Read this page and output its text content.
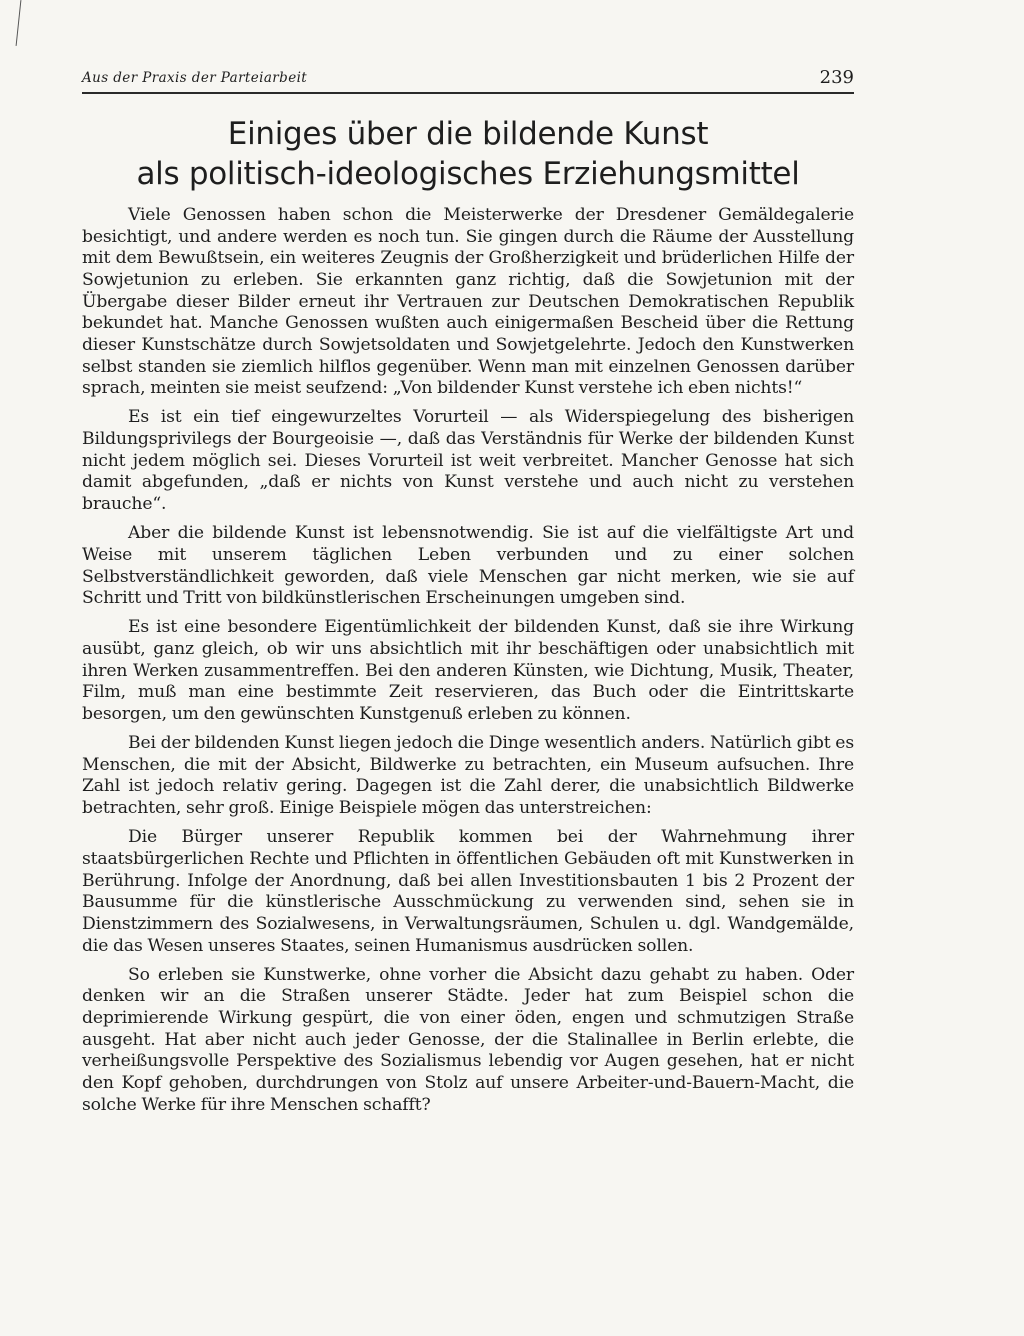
Aus der Praxis der Parteiarbeit	239
Einiges über die bildende Kunst
als politisch-ideologisches Erziehungsmittel

Viele Genossen haben schon die Meisterwerke der Dresdener Gemäldegalerie besichtigt, und andere werden es noch tun. Sie gingen durch die Räume der Ausstellung mit dem Bewußtsein, ein weiteres Zeugnis der Großherzigkeit und brüderlichen Hilfe der Sowjetunion zu erleben. Sie erkannten ganz richtig, daß die Sowjetunion mit der Übergabe dieser Bilder erneut ihr Vertrauen zur Deutschen Demokratischen Republik bekundet hat. Manche Genossen wußten auch einigermaßen Bescheid über die Rettung dieser Kunstschätze durch Sowjetsoldaten und Sowjetgelehrte. Jedoch den Kunstwerken selbst standen sie ziemlich hilflos gegenüber. Wenn man mit einzelnen Genossen darüber sprach, meinten sie meist seufzend: „Von bildender Kunst verstehe ich eben nichts!“

Es ist ein tief eingewurzeltes Vorurteil — als Widerspiegelung des bisherigen Bildungsprivilegs der Bourgeoisie —, daß das Verständnis für Werke der bildenden Kunst nicht jedem möglich sei. Dieses Vorurteil ist weit verbreitet. Mancher Genosse hat sich damit abgefunden, „daß er nichts von Kunst verstehe und auch nicht zu verstehen brauche“.

Aber die bildende Kunst ist lebensnotwendig. Sie ist auf die vielfältigste Art und Weise mit unserem täglichen Leben verbunden und zu einer solchen Selbstverständlichkeit geworden, daß viele Menschen gar nicht merken, wie sie auf Schritt und Tritt von bildkünstlerischen Erscheinungen umgeben sind.

Es ist eine besondere Eigentümlichkeit der bildenden Kunst, daß sie ihre Wirkung ausübt, ganz gleich, ob wir uns absichtlich mit ihr beschäftigen oder unabsichtlich mit ihren Werken zusammentreffen. Bei den anderen Künsten, wie Dichtung, Musik, Theater, Film, muß man eine bestimmte Zeit reservieren, das Buch oder die Eintrittskarte besorgen, um den gewünschten Kunstgenuß erleben zu können.

Bei der bildenden Kunst liegen jedoch die Dinge wesentlich anders. Natürlich gibt es Menschen, die mit der Absicht, Bildwerke zu betrachten, ein Museum aufsuchen. Ihre Zahl ist jedoch relativ gering. Dagegen ist die Zahl derer, die unabsichtlich Bildwerke betrachten, sehr groß. Einige Beispiele mögen das unterstreichen:

Die Bürger unserer Republik kommen bei der Wahrnehmung ihrer staatsbürgerlichen Rechte und Pflichten in öffentlichen Gebäuden oft mit Kunstwerken in Berührung. Infolge der Anordnung, daß bei allen Investitionsbauten 1 bis 2 Prozent der Bausumme für die künstlerische Ausschmückung zu verwenden sind, sehen sie in Dienstzimmern des Sozialwesens, in Verwaltungsräumen, Schulen u. dgl. Wandgemälde, die das Wesen unseres Staates, seinen Humanismus ausdrücken sollen.

So erleben sie Kunstwerke, ohne vorher die Absicht dazu gehabt zu haben. Oder denken wir an die Straßen unserer Städte. Jeder hat zum Beispiel schon die deprimierende Wirkung gespürt, die von einer öden, engen und schmutzigen Straße ausgeht. Hat aber nicht auch jeder Genosse, der die Stalinallee in Berlin erlebte, die verheißungsvolle Perspektive des Sozialismus lebendig vor Augen gesehen, hat er nicht den Kopf gehoben, durchdrungen von Stolz auf unsere Arbeiter-und-Bauern-Macht, die solche Werke für ihre Menschen schafft?
